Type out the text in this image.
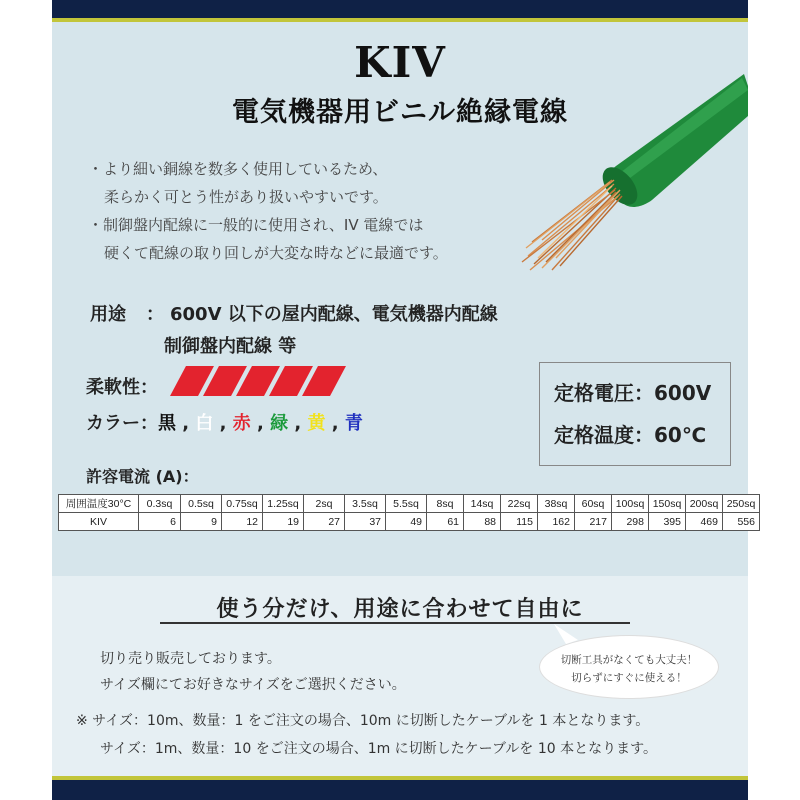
KIV
電気機器用ビニル絶縁電線
・より細い銅線を数多く使用しているため、
柔らかく可とう性があり扱いやすいです。
・制御盤内配線に一般的に使用され、IV 電線では
硬くて配線の取り回しが大変な時などに最適です。
用途 ： 600V 以下の屋内配線、電気機器内配線
制御盤内配線 等
柔軟性：
カラー：黒 , 白 , 赤 , 緑 , 黄 , 青
定格電圧：600V
定格温度：60℃
許容電流 (A)：
周囲温度30°C	0.3sq	0.5sq	0.75sq	1.25sq	2sq	3.5sq	5.5sq	8sq	14sq	22sq	38sq	60sq	100sq	150sq	200sq	250sq
KIV	6	9	12	19	27	37	49	61	88	115	162	217	298	395	469	556
使う分だけ、用途に合わせて自由に
切り売り販売しております。
サイズ欄にてお好きなサイズをご選択ください。
切断工具がなくても大丈夫！
切らずにすぐに使える！
※ サイズ：10m、数量：1 をご注文の場合、10m に切断したケーブルを 1 本となります。
サイズ：1m、数量：10 をご注文の場合、1m に切断したケーブルを 10 本となります。
